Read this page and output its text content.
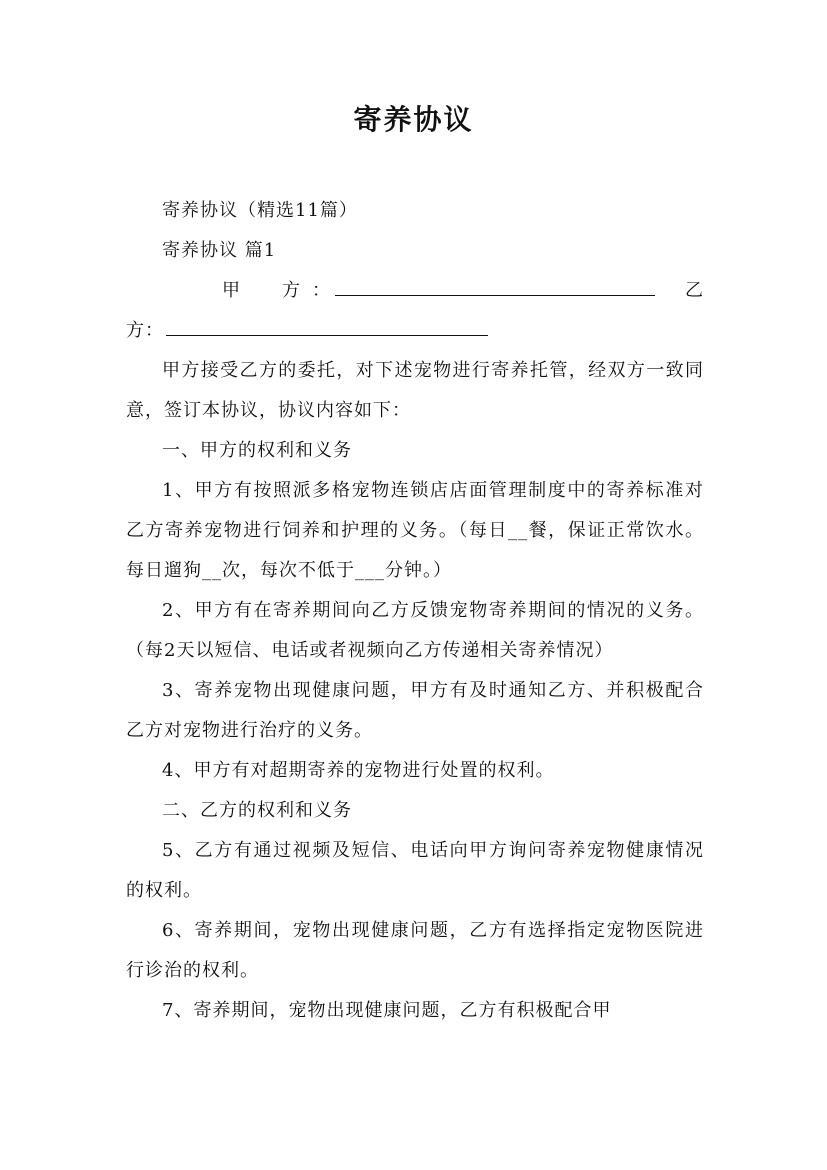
寄养协议

寄养协议（精选11篇）

寄养协议 篇1

甲　方：	乙

方：

甲方接受乙方的委托，对下述宠物进行寄养托管，经双方一致同意，签订本协议，协议内容如下：

一、甲方的权利和义务

1、甲方有按照派多格宠物连锁店店面管理制度中的寄养标准对乙方寄养宠物进行饲养和护理的义务。（每日__餐，保证正常饮水。每日遛狗__次，每次不低于___分钟。）

2、甲方有在寄养期间向乙方反馈宠物寄养期间的情况的义务。（每2天以短信、电话或者视频向乙方传递相关寄养情况）

3、寄养宠物出现健康问题，甲方有及时通知乙方、并积极配合乙方对宠物进行治疗的义务。

4、甲方有对超期寄养的宠物进行处置的权利。

二、乙方的权利和义务

5、乙方有通过视频及短信、电话向甲方询问寄养宠物健康情况的权利。

6、寄养期间，宠物出现健康问题，乙方有选择指定宠物医院进行诊治的权利。

7、寄养期间，宠物出现健康问题，乙方有积极配合甲
